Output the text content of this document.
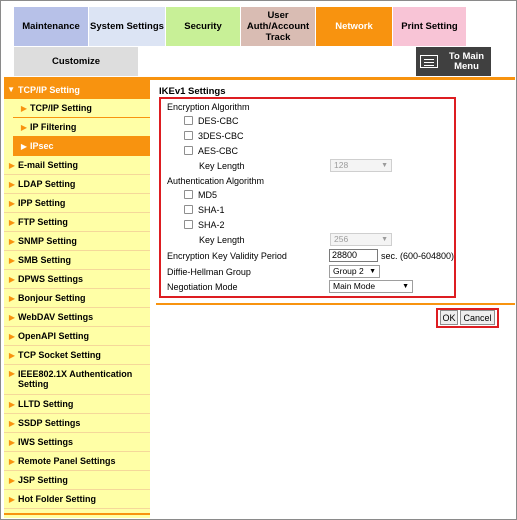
Maintenance	System Settings	Security
User Auth/Account Track
Network	Print Setting
Customize	To Main Menu
▼ TCP/IP Setting
▶ TCP/IP Setting
▶ IP Filtering
▶ IPsec
▶ E-mail Setting
▶ LDAP Setting
▶ IPP Setting
▶ FTP Setting
▶ SNMP Setting
▶ SMB Setting
▶ DPWS Settings
▶ Bonjour Setting
▶ WebDAV Settings
▶ OpenAPI Setting
▶ TCP Socket Setting
▶ IEEE802.1X Authentication Setting
▶ LLTD Setting
▶ SSDP Settings
▶ IWS Settings
▶ Remote Panel Settings
▶ JSP Setting
▶ Hot Folder Setting
IKEv1 Settings
Encryption Algorithm
DES-CBC
3DES-CBC
AES-CBC
Key Length	128	▼
Authentication Algorithm
MD5
SHA-1
SHA-2
Key Length	256	▼
Encryption Key Validity Period	28800	sec. (600-604800)
Diffie-Hellman Group	Group 2 ▼
Negotiation Mode	Main Mode	▼
OK Cancel
